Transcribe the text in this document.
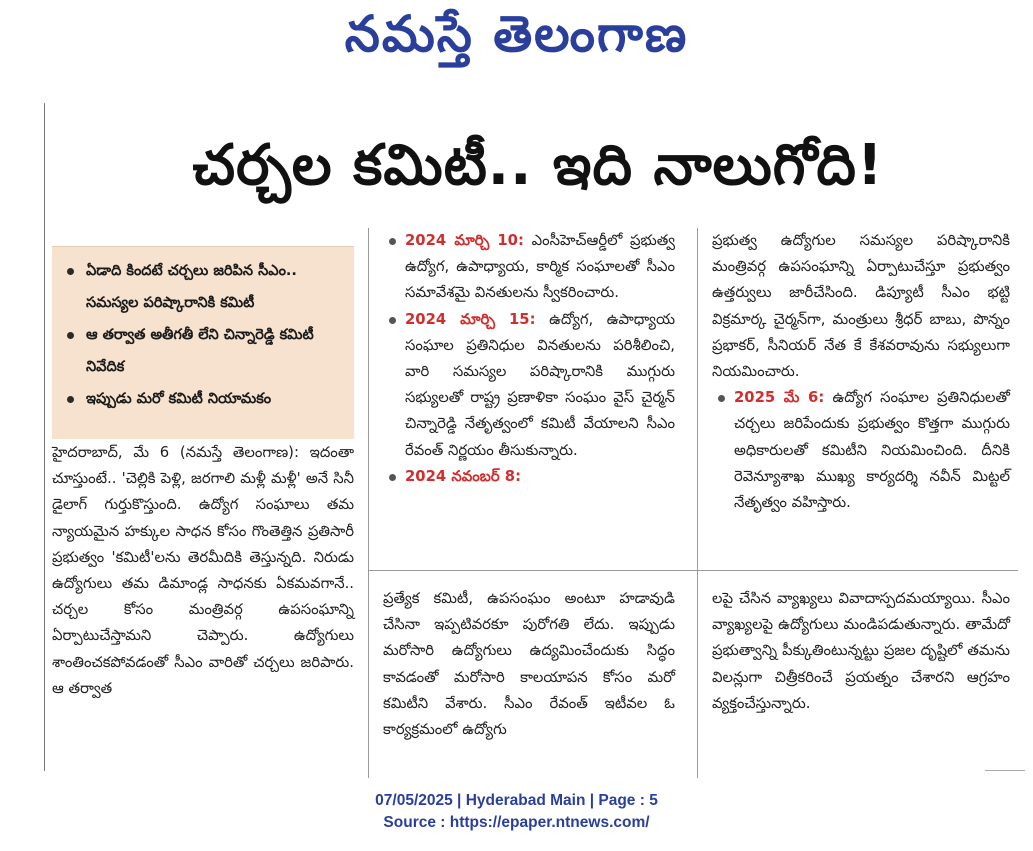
నమస్తే తెలంగాణ
చర్చల కమిటీ.. ఇది నాలుగోది!
ఏడాది కిందటే చర్చలు జరిపిన సీఎం.. సమస్యల పరిష్కారానికి కమిటీ
ఆ తర్వాత అతీగతీ లేని చిన్నారెడ్డి కమిటీ నివేదిక
ఇప్పుడు మరో కమిటీ నియామకం

హైదరాబాద్, మే 6 (నమస్తే తెలంగాణ): ఇదంతా చూస్తుంటే.. 'చెల్లికి పెళ్లి, జరగాలి మళ్లీ మళ్లీ' అనే సినీ డైలాగ్ గుర్తుకొస్తుంది. ఉద్యోగ సంఘాలు తమ న్యాయమైన హక్కుల సాధన కోసం గొంతెత్తిన ప్రతిసారీ ప్రభుత్వం 'కమిటీ'లను తెరమీదికి తెస్తున్నది. నిరుడు ఉద్యోగులు తమ డిమాండ్ల సాధనకు ఏకమవగానే.. చర్చల కోసం మంత్రివర్గ ఉపసంఘాన్ని ఏర్పాటుచేస్తామని చెప్పారు. ఉద్యోగులు శాంతించకపోవడంతో సీఎం వారితో చర్చలు జరిపారు. ఆ తర్వాత

2024 మార్చి 10: ఎంసీహెచ్ఆర్డీలో ప్రభుత్వ ఉద్యోగ, ఉపాధ్యాయ, కార్మిక సంఘాలతో సీఎం సమావేశమై వినతులను స్వీకరించారు.

2024 మార్చి 15: ఉద్యోగ, ఉపాధ్యాయ సంఘాల ప్రతినిధుల వినతులను పరిశీలించి, వారి సమస్యల పరిష్కారానికి ముగ్గురు సభ్యులతో రాష్ట్ర ప్రణాళికా సంఘం వైస్ చైర్మన్ చిన్నారెడ్డి నేతృత్వంలో కమిటీ వేయాలని సీఎం రేవంత్ నిర్ణయం తీసుకున్నారు.

2024 నవంబర్ 8:

ప్రభుత్వ ఉద్యోగుల సమస్యల పరిష్కారానికి మంత్రివర్గ ఉపసంఘాన్ని ఏర్పాటుచేస్తూ ప్రభుత్వం ఉత్తర్వులు జారీచేసింది. డిప్యూటీ సీఎం భట్టి విక్రమార్క చైర్మన్‌గా, మంత్రులు శ్రీధర్ బాబు, పొన్నం ప్రభాకర్, సీనియర్ నేత కే కేశవరావును సభ్యులుగా నియమించారు.

2025 మే 6: ఉద్యోగ సంఘాల ప్రతినిధులతో చర్చలు జరిపేందుకు ప్రభుత్వం కొత్తగా ముగ్గురు అధికారులతో కమిటీని నియమించింది. దీనికి రెవెన్యూశాఖ ముఖ్య కార్యదర్శి నవీన్ మిట్టల్ నేతృత్వం వహిస్తారు.

ప్రత్యేక కమిటీ, ఉపసంఘం అంటూ హడావుడి చేసినా ఇప్పటివరకూ పురోగతి లేదు. ఇప్పుడు మరోసారి ఉద్యోగులు ఉద్యమించేందుకు సిద్ధం కావడంతో మరోసారి కాలయాపన కోసం మరో కమిటీని వేశారు. సీఎం రేవంత్ ఇటీవల ఓ కార్యక్రమంలో ఉద్యోగు

లపై చేసిన వ్యాఖ్యలు వివాదాస్పదమయ్యాయి. సీఎం వ్యాఖ్యలపై ఉద్యోగులు మండిపడుతున్నారు. తామేదో ప్రభుత్వాన్ని పీక్కుతింటున్నట్టు ప్రజల దృష్టిలో తమను విలన్లుగా చిత్రీకరించే ప్రయత్నం చేశారని ఆగ్రహం వ్యక్తంచేస్తున్నారు.

07/05/2025 | Hyderabad Main | Page : 5
Source : https://epaper.ntnews.com/
